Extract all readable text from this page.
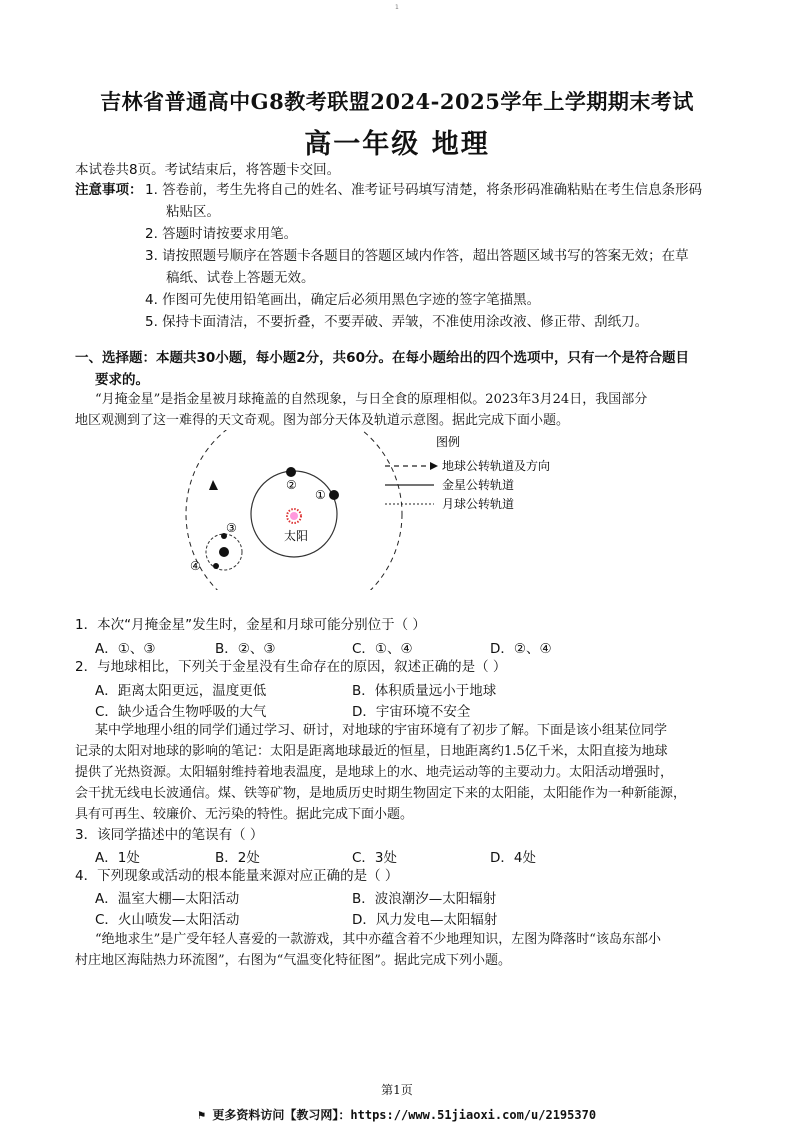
1
吉林省普通高中G8教考联盟2024-2025学年上学期期末考试
高一年级 地理
本试卷共8页。考试结束后，将答题卡交回。
注意事项： 1. 答卷前，考生先将自己的姓名、准考证号码填写清楚，将条形码准确粘贴在考生信息条形码
粘贴区。
2. 答题时请按要求用笔。
3. 请按照题号顺序在答题卡各题目的答题区域内作答，超出答题区域书写的答案无效；在草
稿纸、试卷上答题无效。
4. 作图可先使用铅笔画出，确定后必须用黑色字迹的签字笔描黑。
5. 保持卡面清洁，不要折叠，不要弄破、弄皱，不准使用涂改液、修正带、刮纸刀。
一、选择题：本题共30小题，每小题2分，共60分。在每小题给出的四个选项中，只有一个是符合题目
要求的。
“月掩金星”是指金星被月球掩盖的自然现象，与日全食的原理相似。2023年3月24日，我国部分
地区观测到了这一难得的天文奇观。图为部分天体及轨道示意图。据此完成下面小题。
太阳
②
①
③
④
图例
地球公转轨道及方向
金星公转轨道
月球公转轨道
1．本次“月掩金星”发生时，金星和月球可能分别位于（ ）
A．①、③	B．②、③	C．①、④	D．②、④
2．与地球相比，下列关于金星没有生命存在的原因，叙述正确的是（ ）
A．距离太阳更远，温度更低	B．体积质量远小于地球
C．缺少适合生物呼吸的大气	D．宇宙环境不安全
某中学地理小组的同学们通过学习、研讨，对地球的宇宙环境有了初步了解。下面是该小组某位同学
记录的太阳对地球的影响的笔记：太阳是距离地球最近的恒星，日地距离约1.5亿千米，太阳直接为地球
提供了光热资源。太阳辐射维持着地表温度，是地球上的水、地壳运动等的主要动力。太阳活动增强时，
会干扰无线电长波通信。煤、铁等矿物，是地质历史时期生物固定下来的太阳能，太阳能作为一种新能源，
具有可再生、较廉价、无污染的特性。据此完成下面小题。
3．该同学描述中的笔误有（ ）
A．1处	B．2处	C．3处	D．4处
4．下列现象或活动的根本能量来源对应正确的是（ ）
A．温室大棚—太阳活动	B．波浪潮汐—太阳辐射
C．火山喷发—太阳活动	D．风力发电—太阳辐射
“绝地求生”是广受年轻人喜爱的一款游戏，其中亦蕴含着不少地理知识，左图为降落时“该岛东部小
村庄地区海陆热力环流图”，右图为“气温变化特征图”。据此完成下列小题。
第1页
⚑ 更多资料访问【教习网】：https://www.51jiaoxi.com/u/2195370
